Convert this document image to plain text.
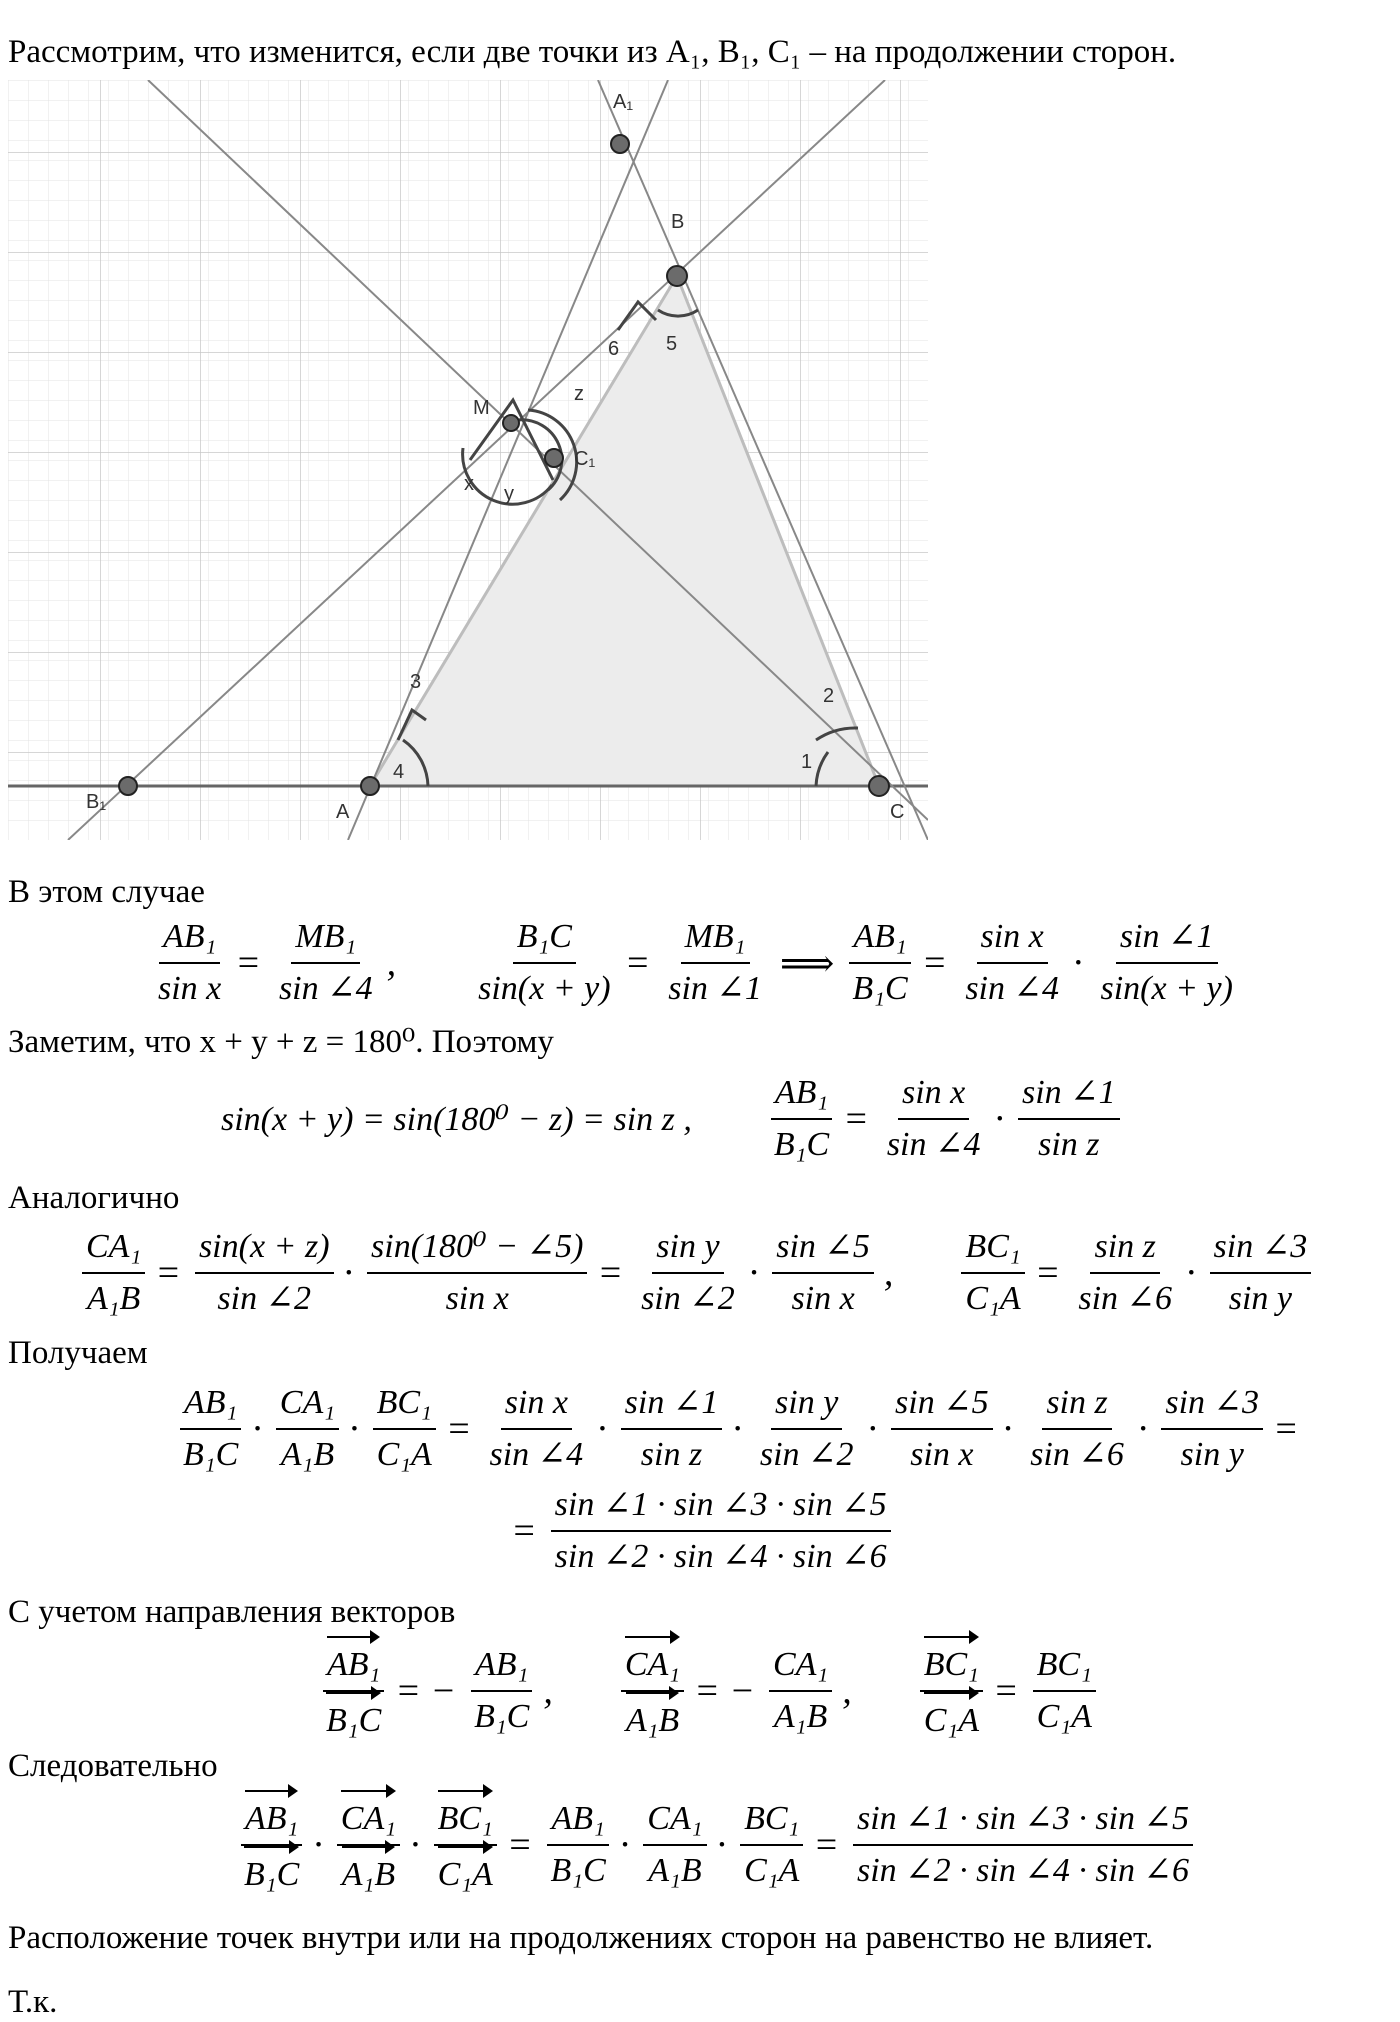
Рассмотрим, что изменится, если две точки из A₁, B₁, C₁ – на продолжении сторон.
A₁
B
M
C₁
B₁	A	C
1
2
3
4
5
6
x y
z
В этом случае
$\frac{\text{AB₁}}{\text{sin x}} = \frac{\text{MB₁}}{\sin \angle 4}$ , $\frac{\text{B₁C}}{\sin(x + y)} = \frac{\text{MB₁}}{\sin \angle 1}$ ⟹ $\frac{\text{AB₁}}{\text{B₁C}} = \frac{\text{sin x}}{\sin \angle 4} \cdot \frac{\sin \angle 1}{\sin(x + y)}$
Заметим, что x + y + z = 180⁰. Поэтому
sin(x + y) = sin(180⁰ − z) = sin z , $\frac{\text{AB₁}}{\text{B₁C}} = \frac{\text{sin x}}{\sin \angle 4} \cdot \frac{\sin \angle 1}{\text{sin z}}$
Аналогично
$\frac{\text{CA₁}}{\text{A₁B}} = \frac{\sin(x + z)}{\sin \angle 2} \cdot \frac{\text{sin(180⁰ − ∠5)}}{\text{sin x}} = \frac{\text{sin y}}{\sin \angle 2} \cdot \frac{\sin \angle 5}{\text{sin x}}$ , $\frac{\text{BC₁}}{\text{C₁A}} = \frac{\text{sin z}}{\sin \angle 6} \cdot \frac{\sin \angle 3}{\text{sin y}}$
Получаем
$\frac{\text{AB₁}}{\text{B₁C}} \cdot \frac{\text{CA₁}}{\text{A₁B}} \cdot \frac{\text{BC₁}}{\text{C₁A}} = \frac{\text{sin x}}{\sin \angle 4} \cdot \frac{\sin \angle 1}{\text{sin z}} \cdot \frac{\text{sin y}}{\sin \angle 2} \cdot \frac{\sin \angle 5}{\text{sin x}} \cdot \frac{\text{sin z}}{\sin \angle 6} \cdot \frac{\sin \angle 3}{\text{sin y}}$ =
= $\frac{\sin \angle 1 \cdot \sin \angle 3 \cdot \sin \angle 5}{\sin \angle 2 \cdot \sin \angle 4 \cdot \sin \angle 6}$
С учетом направления векторов
$\frac{\text{AB₁}}{\text{B₁C}}$ = − $\frac{\text{AB₁}}{\text{B₁C}}$ , $\frac{\text{CA₁}}{\text{A₁B}}$ = − $\frac{\text{CA₁}}{\text{A₁B}}$ , $\frac{\text{BC₁}}{\text{C₁A}} = \frac{\text{BC₁}}{\text{C₁A}}$
Следовательно
$\frac{\text{AB₁}}{\text{B₁C}} \cdot \frac{\text{CA₁}}{\text{A₁B}} \cdot \frac{\text{BC₁}}{\text{C₁A}} = \frac{\text{AB₁}}{\text{B₁C}} \cdot \frac{\text{CA₁}}{\text{A₁B}} \cdot \frac{\text{BC₁}}{\text{C₁A}} = \frac{\sin \angle 1 \cdot \sin \angle 3 \cdot \sin \angle 5}{\sin \angle 2 \cdot \sin \angle 4 \cdot \sin \angle 6}$
Расположение точек внутри или на продолжениях сторон на равенство не влияет.
Т.к.
